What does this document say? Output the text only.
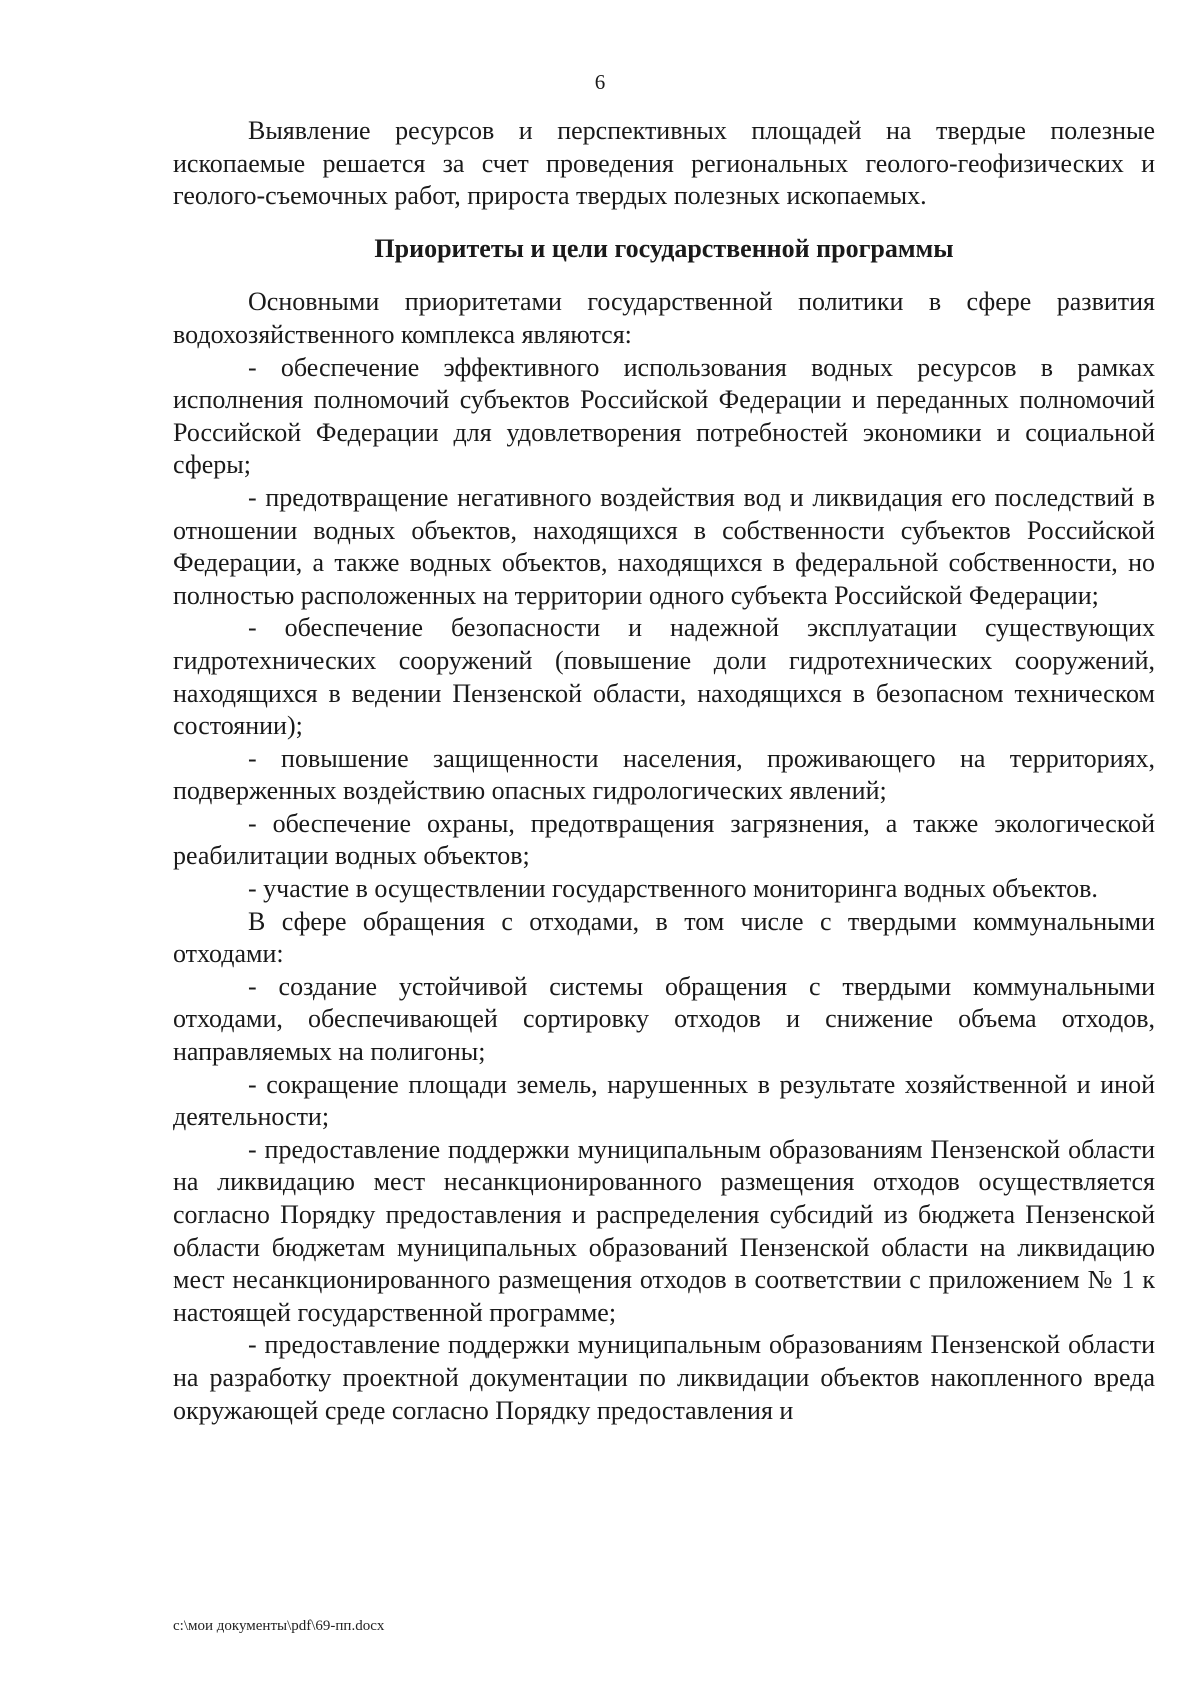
6

Выявление ресурсов и перспективных площадей на твердые полезные ископаемые решается за счет проведения региональных геолого-геофизических и геолого-съемочных работ, прироста твердых полезных ископаемых.

Приоритеты и цели государственной программы

Основными приоритетами государственной политики в сфере развития водохозяйственного комплекса являются:

- обеспечение эффективного использования водных ресурсов в рамках исполнения полномочий субъектов Российской Федерации и переданных полномочий Российской Федерации для удовлетворения потребностей экономики и социальной сферы;

- предотвращение негативного воздействия вод и ликвидация его последствий в отношении водных объектов, находящихся в собственности субъектов Российской Федерации, а также водных объектов, находящихся в федеральной собственности, но полностью расположенных на территории одного субъекта Российской Федерации;

- обеспечение безопасности и надежной эксплуатации существующих гидротехнических сооружений (повышение доли гидротехнических сооружений, находящихся в ведении Пензенской области, находящихся в безопасном техническом состоянии);

- повышение защищенности населения, проживающего на территориях, подверженных воздействию опасных гидрологических явлений;

- обеспечение охраны, предотвращения загрязнения, а также экологической реабилитации водных объектов;

- участие в осуществлении государственного мониторинга водных объектов.

В сфере обращения с отходами, в том числе с твердыми коммунальными отходами:

- создание устойчивой системы обращения с твердыми коммунальными отходами, обеспечивающей сортировку отходов и снижение объема отходов, направляемых на полигоны;

- сокращение площади земель, нарушенных в результате хозяйственной и иной деятельности;

- предоставление поддержки муниципальным образованиям Пензенской области на ликвидацию мест несанкционированного размещения отходов осуществляется согласно Порядку предоставления и распределения субсидий из бюджета Пензенской области бюджетам муниципальных образований Пензенской области на ликвидацию мест несанкционированного размещения отходов в соответствии с приложением № 1 к настоящей государственной программе;

- предоставление поддержки муниципальным образованиям Пензенской области на разработку проектной документации по ликвидации объектов накопленного вреда окружающей среде согласно Порядку предоставления и

c:\мои документы\pdf\69-пп.docx
